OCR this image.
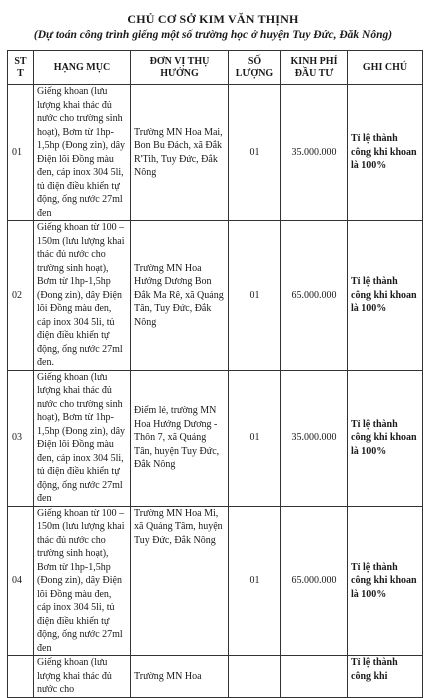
CHỦ CƠ SỞ KIM VĂN THỊNH
(Dự toán công trình giếng một số trường học ở huyện Tuy Đức, Đăk Nông)
ST T	HẠNG MỤC	ĐƠN VỊ THỤ HƯỞNG	SỐ LƯỢNG	KINH PHÍ ĐẦU TƯ	GHI CHÚ
01	Giếng khoan (lưu lượng khai thác đủ nước cho trường sinh hoạt), Bơm từ 1hp-1,5hp (Đong zin), dây Điện lõi Đồng màu đen, cáp inox 304 5li, tủ điện điều khiển tự động, ống nước 27ml đen	Trường MN Hoa Mai, Bon Bu Đách, xã Đắk R'Tih, Tuy Đức, Đắk Nông	01	35.000.000	Tỉ lệ thành công khi khoan là 100%
02	Giếng khoan từ 100 – 150m (lưu lượng khai thác đủ nước cho trường sinh hoạt), Bơm từ 1hp-1,5hp (Đong zin), dây Điện lõi Đồng màu đen, cáp inox 304 5li, tủ điện điều khiển tự động, ống nước 27ml đen.	Trường MN Hoa Hướng Dương Bon Đắk Ma Rê, xã Quảng Tân, Tuy Đức, Đắk Nông	01	65.000.000	Tỉ lệ thành công khi khoan là 100%
03	Giếng khoan (lưu lượng khai thác đủ nước cho trường sinh hoạt), Bơm từ 1hp-1,5hp (Đong zin), dây Điện lõi Đồng màu đen, cáp inox 304 5li, tủ điện điều khiển tự động, ống nước 27ml đen	Điểm lẻ, trường MN Hoa Hướng Dương - Thôn 7, xã Quảng Tân, huyện Tuy Đức, Đắk Nông	01	35.000.000	Tỉ lệ thành công khi khoan là 100%
04	Giếng khoan từ 100 – 150m (lưu lượng khai thác đủ nước cho trường sinh hoạt), Bơm từ 1hp-1,5hp (Đong zin), dây Điện lõi Đồng màu đen, cáp inox 304 5li, tủ điện điều khiển tự động, ống nước 27ml đen	Trường MN Hoa Mi, xã Quảng Tâm, huyện Tuy Đức, Đắk Nông	01	65.000.000	Tỉ lệ thành công khi khoan là 100%
	Giếng khoan (lưu lượng khai thác đủ nước cho	Trường MN Hoa			Tỉ lệ thành công khi
